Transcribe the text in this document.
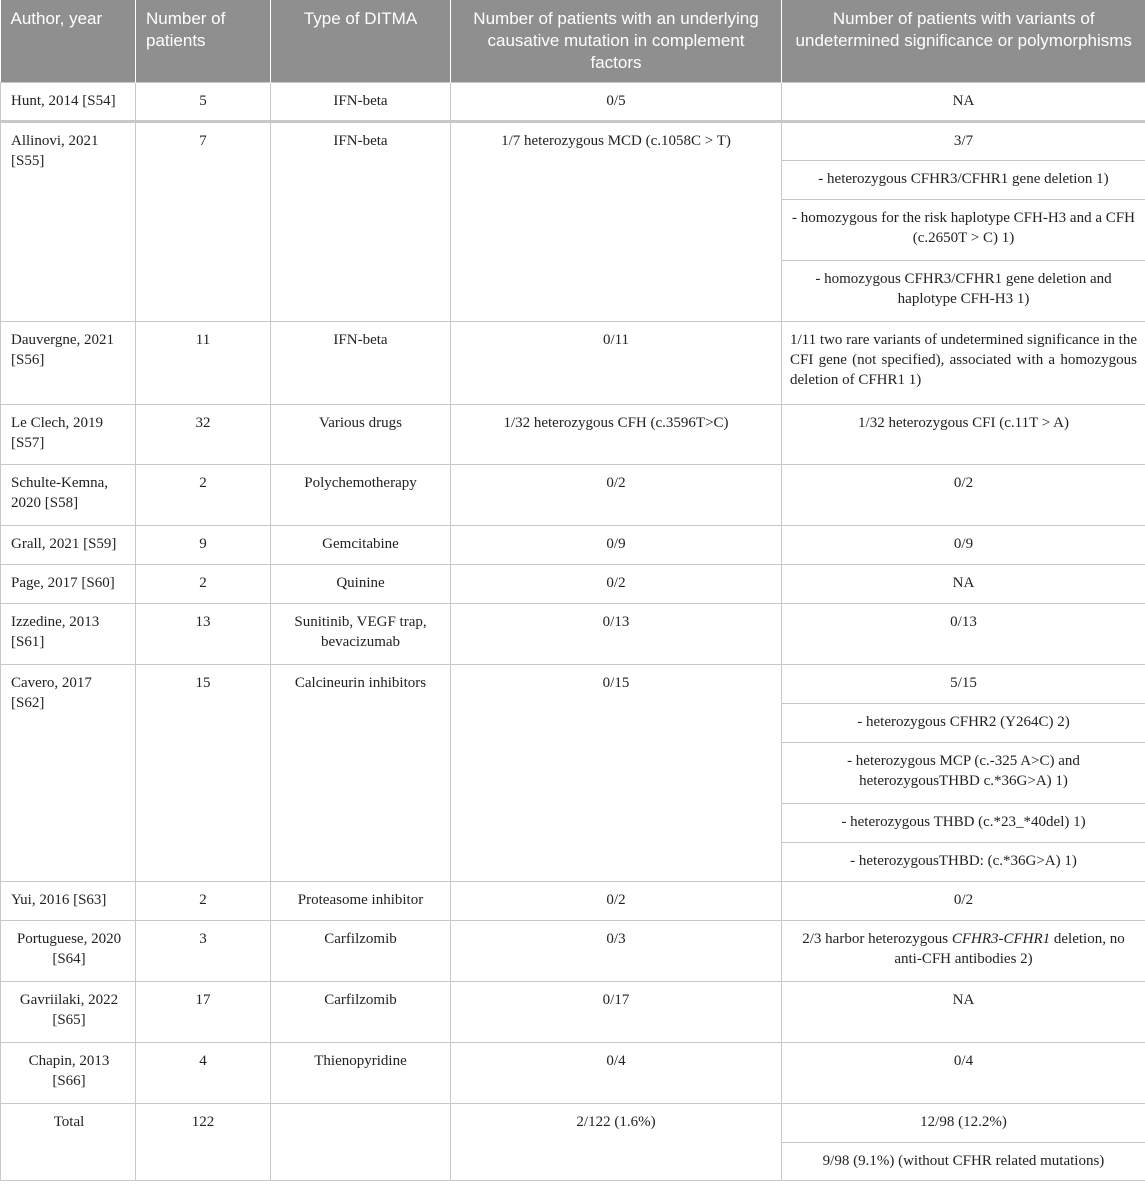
Author, year	Number of patients	Type of DITMA	Number of patients with an underlying causative mutation in complement factors	Number of patients with variants of undetermined significance or polymorphisms
Hunt, 2014 [S54]	5	IFN-beta	0/5	NA
Allinovi, 2021 [S55]	7	IFN-beta	1/7 heterozygous MCD (c.1058C > T)	3/7
				- heterozygous CFHR3/CFHR1 gene deletion 1)
				- homozygous for the risk haplotype CFH-H3 and a CFH (c.2650T > C) 1)
				- homozygous CFHR3/CFHR1 gene deletion and haplotype CFH-H3 1)
Dauvergne, 2021 [S56]	11	IFN-beta	0/11	1/11 two rare variants of undetermined significance in the CFI gene (not specified), associated with a homozygous deletion of CFHR1 1)
Le Clech, 2019 [S57]	32	Various drugs	1/32 heterozygous CFH (c.3596T>C)	1/32 heterozygous CFI (c.11T > A)
Schulte-Kemna, 2020 [S58]	2	Polychemotherapy	0/2	0/2
Grall, 2021 [S59]	9	Gemcitabine	0/9	0/9
Page, 2017 [S60]	2	Quinine	0/2	NA
Izzedine, 2013 [S61]	13	Sunitinib, VEGF trap, bevacizumab	0/13	0/13
Cavero, 2017 [S62]	15	Calcineurin inhibitors	0/15	5/15
				- heterozygous CFHR2 (Y264C) 2)
				- heterozygous MCP (c.-325 A>C) and heterozygousTHBD c.*36G>A) 1)
				- heterozygous THBD (c.*23_*40del) 1)
				- heterozygousTHBD: (c.*36G>A) 1)
Yui, 2016 [S63]	2	Proteasome inhibitor	0/2	0/2
Portuguese, 2020 [S64]	3	Carfilzomib	0/3	2/3 harbor heterozygous CFHR3-CFHR1 deletion, no anti-CFH antibodies 2)
Gavriilaki, 2022 [S65]	17	Carfilzomib	0/17	NA
Chapin, 2013 [S66]	4	Thienopyridine	0/4	0/4
Total	122		2/122 (1.6%)	12/98 (12.2%)
				9/98 (9.1%) (without CFHR related mutations)
